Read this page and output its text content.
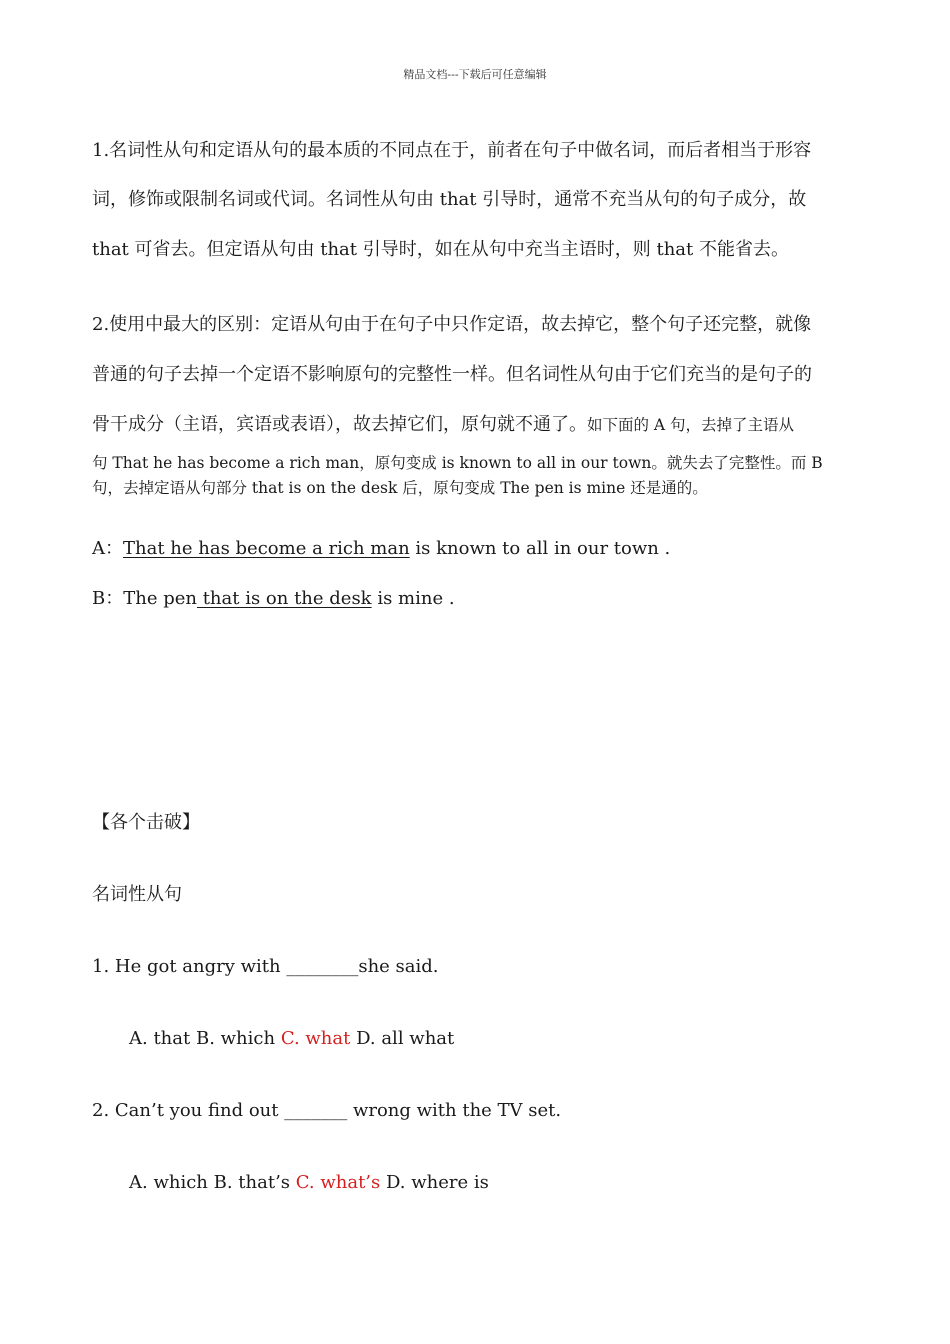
精品文档---下载后可任意编辑
1.名词性从句和定语从句的最本质的不同点在于，前者在句子中做名词，而后者相当于形容
词，修饰或限制名词或代词。名词性从句由 that 引导时，通常不充当从句的句子成分，故
that 可省去。但定语从句由 that 引导时，如在从句中充当主语时，则 that 不能省去。
2.使用中最大的区别：定语从句由于在句子中只作定语，故去掉它，整个句子还完整，就像
普通的句子去掉一个定语不影响原句的完整性一样。但名词性从句由于它们充当的是句子的
骨干成分（主语，宾语或表语），故去掉它们，原句就不通了。如下面的 A 句，去掉了主语从
句 That he has become a rich man，原句变成 is known to all in our town。就失去了完整性。而 B
句，去掉定语从句部分 that is on the desk 后，原句变成 The pen is mine 还是通的。
A：That he has become a rich man is known to all in our town .
B：The pen that is on the desk is mine .
【各个击破】
名词性从句
1. He got angry with ________she said.
A. that B. which C. what D. all what
2. Can’t you find out _______ wrong with the TV set.
A. which B. that’s C. what’s D. where is
